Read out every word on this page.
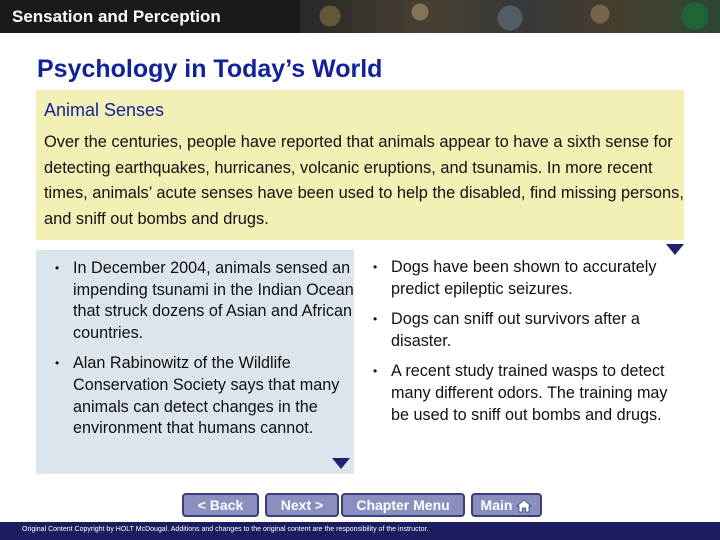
Sensation and Perception
Psychology in Today’s World
Animal Senses
Over the centuries, people have reported that animals appear to have a sixth sense for detecting earthquakes, hurricanes, volcanic eruptions, and tsunamis. In more recent times, animals’ acute senses have been used to help the disabled, find missing persons, and sniff out bombs and drugs.
• In December 2004, animals sensed an impending tsunami in the Indian Ocean that struck dozens of Asian and African countries.
• Alan Rabinowitz of the Wildlife Conservation Society says that many animals can detect changes in the environment that humans cannot.
• Dogs have been shown to accurately predict epileptic seizures.
• Dogs can sniff out survivors after a disaster.
• A recent study trained wasps to detect many different odors. The training may be used to sniff out bombs and drugs.
< Back	Next >	Chapter Menu	Main
Original Content Copyright by HOLT McDougal. Additions and changes to the original content are the responsibility of the instructor.
